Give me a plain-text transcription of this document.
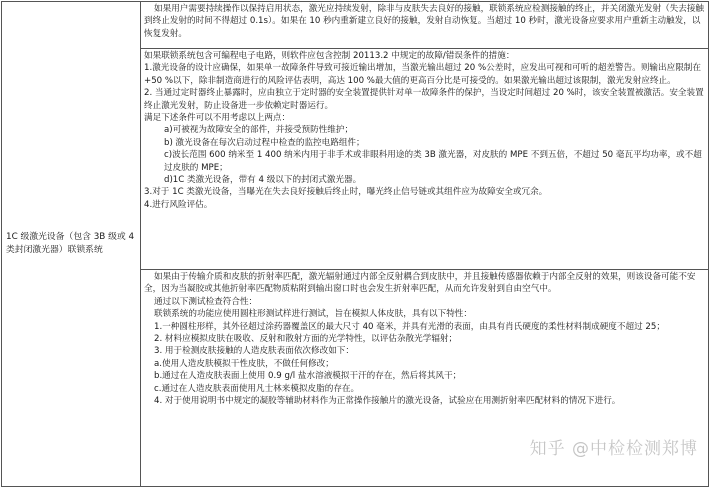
1C 级激光设备（包含 3B 级或 4 类封闭激光器）联锁系统	

如果用户需要持续操作以保持启用状态，激光应持续发射，除非与皮肤失去良好的接触，联锁系统应检测接触的终止，并关闭激光发射（失去接触到终止发射的时间不得超过 0.1s）。如果在 10 秒内重新建立良好的接触，发射自动恢复。当超过 10 秒时，激光设备应要求用户重新主动触发，以恢复发射。

如果联锁系统包含可编程电子电路，则软件应包含控制 20113.2 中规定的故障/错误条件的措施：

1.激光设备的设计应确保，如果单一故障条件导致可接近输出增加，当激光输出超过 20 %公差时，应发出可视和可听的超差警告。则输出应限制在+50 %以下，除非制造商进行的风险评估表明，高达 100 %最大值的更高百分比是可接受的。如果激光输出超过该限制，激光发射应终止。

2. 当通过定时器终止暴露时，应由独立于定时器的安全装置提供针对单一故障条件的保护，当设定时间超过 20 %时，该安全装置被激活。安全装置终止激光发射，防止设备进一步依赖定时器运行。

满足下述条件可以不用考虑以上两点：

a)可被视为故障安全的部件，并接受预防性维护；

b) 激光设备在每次启动过程中检查的监控电路组件；

c)波长范围 600 纳米至 1 400 纳米内用于非手术或非眼科用途的类 3B 激光器，对皮肤的 MPE 不到五倍，不超过 50 毫瓦平均功率，或不超过皮肤的 MPE；

d)1C 类激光设备，带有 4 级以下的封闭式激光器。

3.对于 1C 类激光设备，当曝光在失去良好接触后终止时，曝光终止信号链或其组件应为故障安全或冗余。

4.进行风险评估。

如果由于传输介质和皮肤的折射率匹配，激光辐射通过内部全反射耦合到皮肤中，并且接触传感器依赖于内部全反射的效果，则该设备可能不安全，因为当凝胶或其他折射率匹配物质粘附到输出窗口时也会发生折射率匹配，从而允许发射到自由空气中。

通过以下测试检查符合性：

联锁系统的功能应使用圆柱形测试样进行测试，旨在模拟人体皮肤，具有以下特性：

1.一种圆柱形样，其外径超过涂药器覆盖区的最大尺寸 40 毫米，并具有光滑的表面，由具有肖氏硬度的柔性材料制成硬度不超过 25；

2. 材料应模拟皮肤在吸收、反射和散射方面的光学特性，以评估杂散光学辐射；

3. 用于检测皮肤接触的人造皮肤表面依次修改如下：

a.使用人造皮肤模拟干性皮肤，不做任何修改；

b.通过在人造皮肤表面上使用 0.9 g/l 盐水溶液模拟干汗的存在，然后将其风干；

c.通过在人造皮肤表面使用凡士林来模拟皮脂的存在。

4. 对于使用说明书中规定的凝胶等辅助材料作为正常操作接触片的激光设备，试验应在用测折射率匹配材料的情况下进行。

知乎 @中检检测郑博
